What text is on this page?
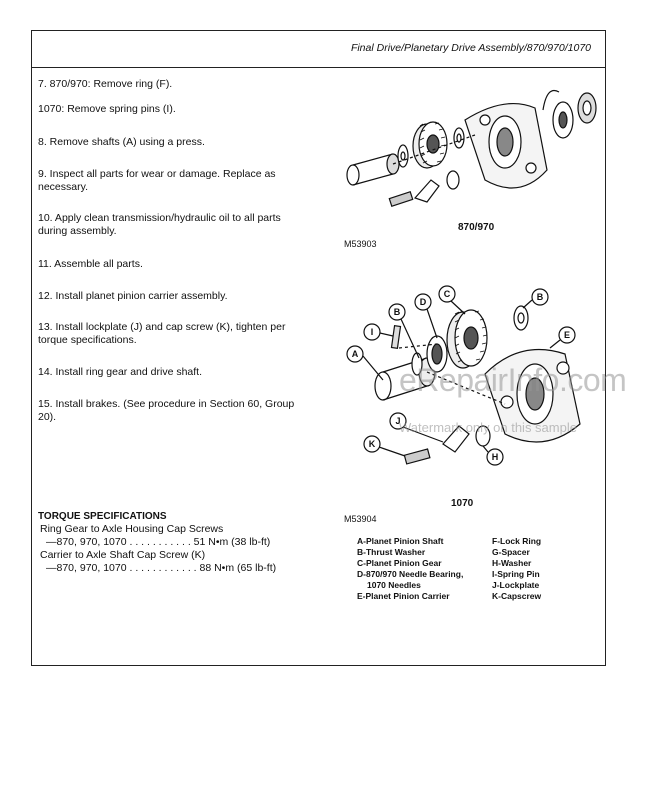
Final Drive/Planetary Drive Assembly/870/970/1070
7. 870/970: Remove ring (F).
1070: Remove spring pins (I).
8. Remove shafts (A) using a press.
9. Inspect all parts for wear or damage. Replace as necessary.
10. Apply clean transmission/hydraulic oil to all parts during assembly.
11. Assemble all parts.
12. Install planet pinion carrier assembly.
13. Install lockplate (J) and cap screw (K), tighten per torque specifications.
14. Install ring gear and drive shaft.
15. Install brakes. (See procedure in Section 60, Group 20).
TORQUE SPECIFICATIONS
Ring Gear to Axle Housing Cap Screws
—870, 970, 1070 . . . . . . . . . . . 51 N•m (38 lb-ft)
Carrier to Axle Shaft Cap Screw (K)
—870, 970, 1070 . . . . . . . . . . . . 88 N•m (65 lb-ft)
870/970
M53903
A
B
C
D	B
E
I
J
K
H
1070
M53904
eRepairInfo.com
Watermark only on this sample
A-Planet Pinion Shaft
B-Thrust Washer
C-Planet Pinion Gear
D-870/970 Needle Bearing,
1070 Needles
E-Planet Pinion Carrier
F-Lock Ring
G-Spacer
H-Washer
I-Spring Pin
J-Lockplate
K-Capscrew
